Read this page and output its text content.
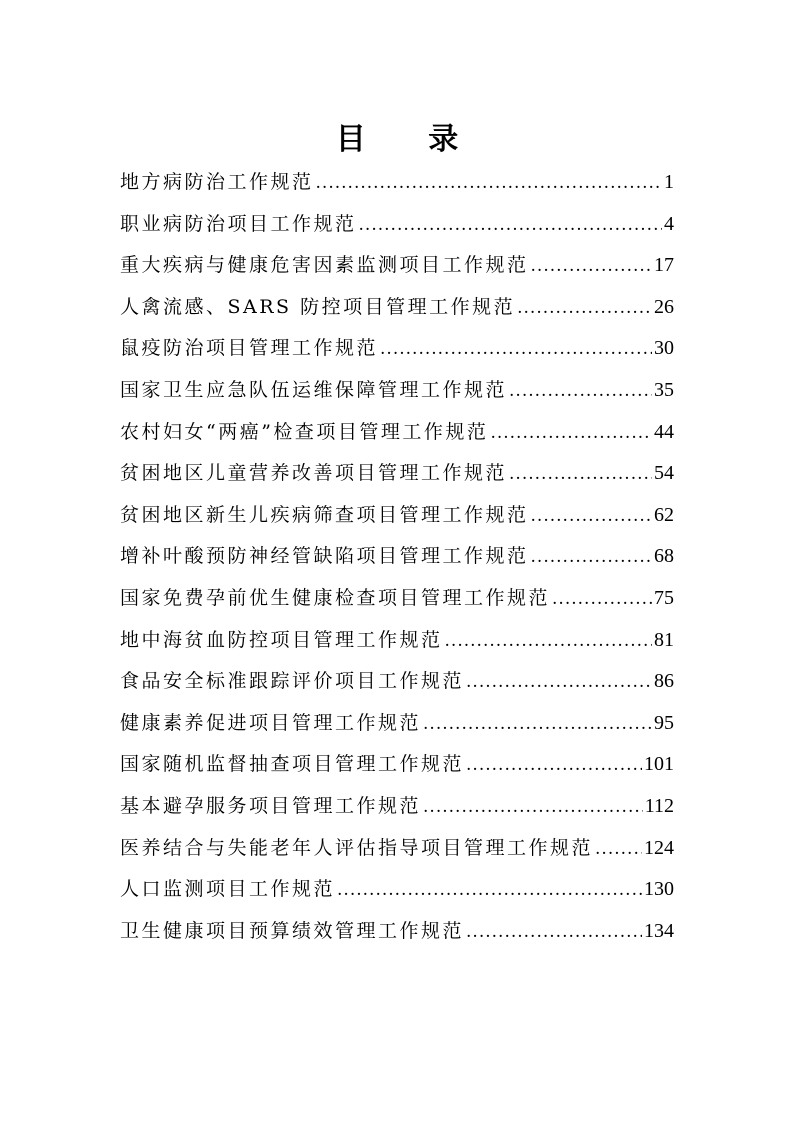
目 录
地方病防治工作规范 .....	1
职业病防治项目工作规范 .....	4
重大疾病与健康危害因素监测项目工作规范 .....	17
人禽流感、SARS 防控项目管理工作规范 .....	26
鼠疫防治项目管理工作规范 .....	30
国家卫生应急队伍运维保障管理工作规范 .....	35
农村妇女“两癌”检查项目管理工作规范 .....	44
贫困地区儿童营养改善项目管理工作规范 .....	54
贫困地区新生儿疾病筛查项目管理工作规范 .....	62
增补叶酸预防神经管缺陷项目管理工作规范 .....	68
国家免费孕前优生健康检查项目管理工作规范 .....	75
地中海贫血防控项目管理工作规范 .....	81
食品安全标准跟踪评价项目工作规范 .....	86
健康素养促进项目管理工作规范 .....	95
国家随机监督抽查项目管理工作规范 .....	101
基本避孕服务项目管理工作规范 .....	112
医养结合与失能老年人评估指导项目管理工作规范 .....	124
人口监测项目工作规范 .....	130
卫生健康项目预算绩效管理工作规范 .....	134
